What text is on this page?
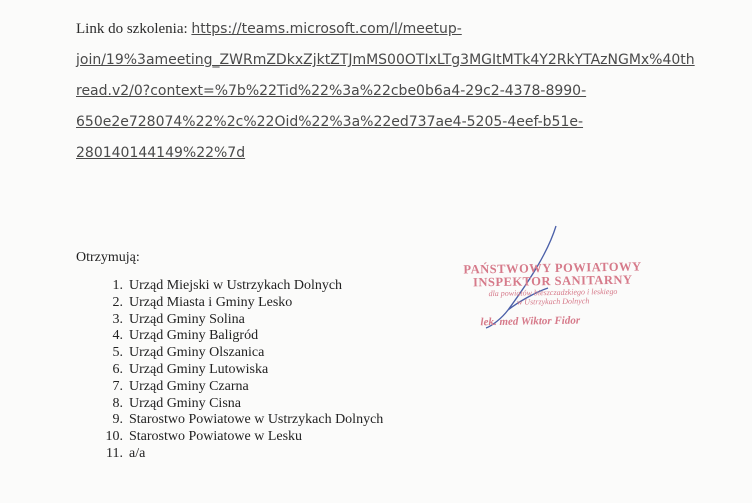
Link do szkolenia: https://teams.microsoft.com/l/meetup-
join/19%3ameeting_ZWRmZDkxZjktZTJmMS00OTIxLTg3MGItMTk4Y2RkYTAzNGMx%40th
read.v2/0?context=%7b%22Tid%22%3a%22cbe0b6a4-29c2-4378-8990-
650e2e728074%22%2c%22Oid%22%3a%22ed737ae4-5205-4eef-b51e-
280140144149%22%7d
Otrzymują:
1. Urząd Miejski w Ustrzykach Dolnych
2. Urząd Miasta i Gminy Lesko
3. Urząd Gminy Solina
4. Urząd Gminy Baligród
5. Urząd Gminy Olszanica
6. Urząd Gminy Lutowiska
7. Urząd Gminy Czarna
8. Urząd Gminy Cisna
9. Starostwo Powiatowe w Ustrzykach Dolnych
10. Starostwo Powiatowe w Lesku
11. a/a
PAŃSTWOWY POWIATOWY
INSPEKTOR SANITARNY
dla powiatów bieszczadzkiego i leskiego
w Ustrzykach Dolnych
lek. med Wiktor Fidor
